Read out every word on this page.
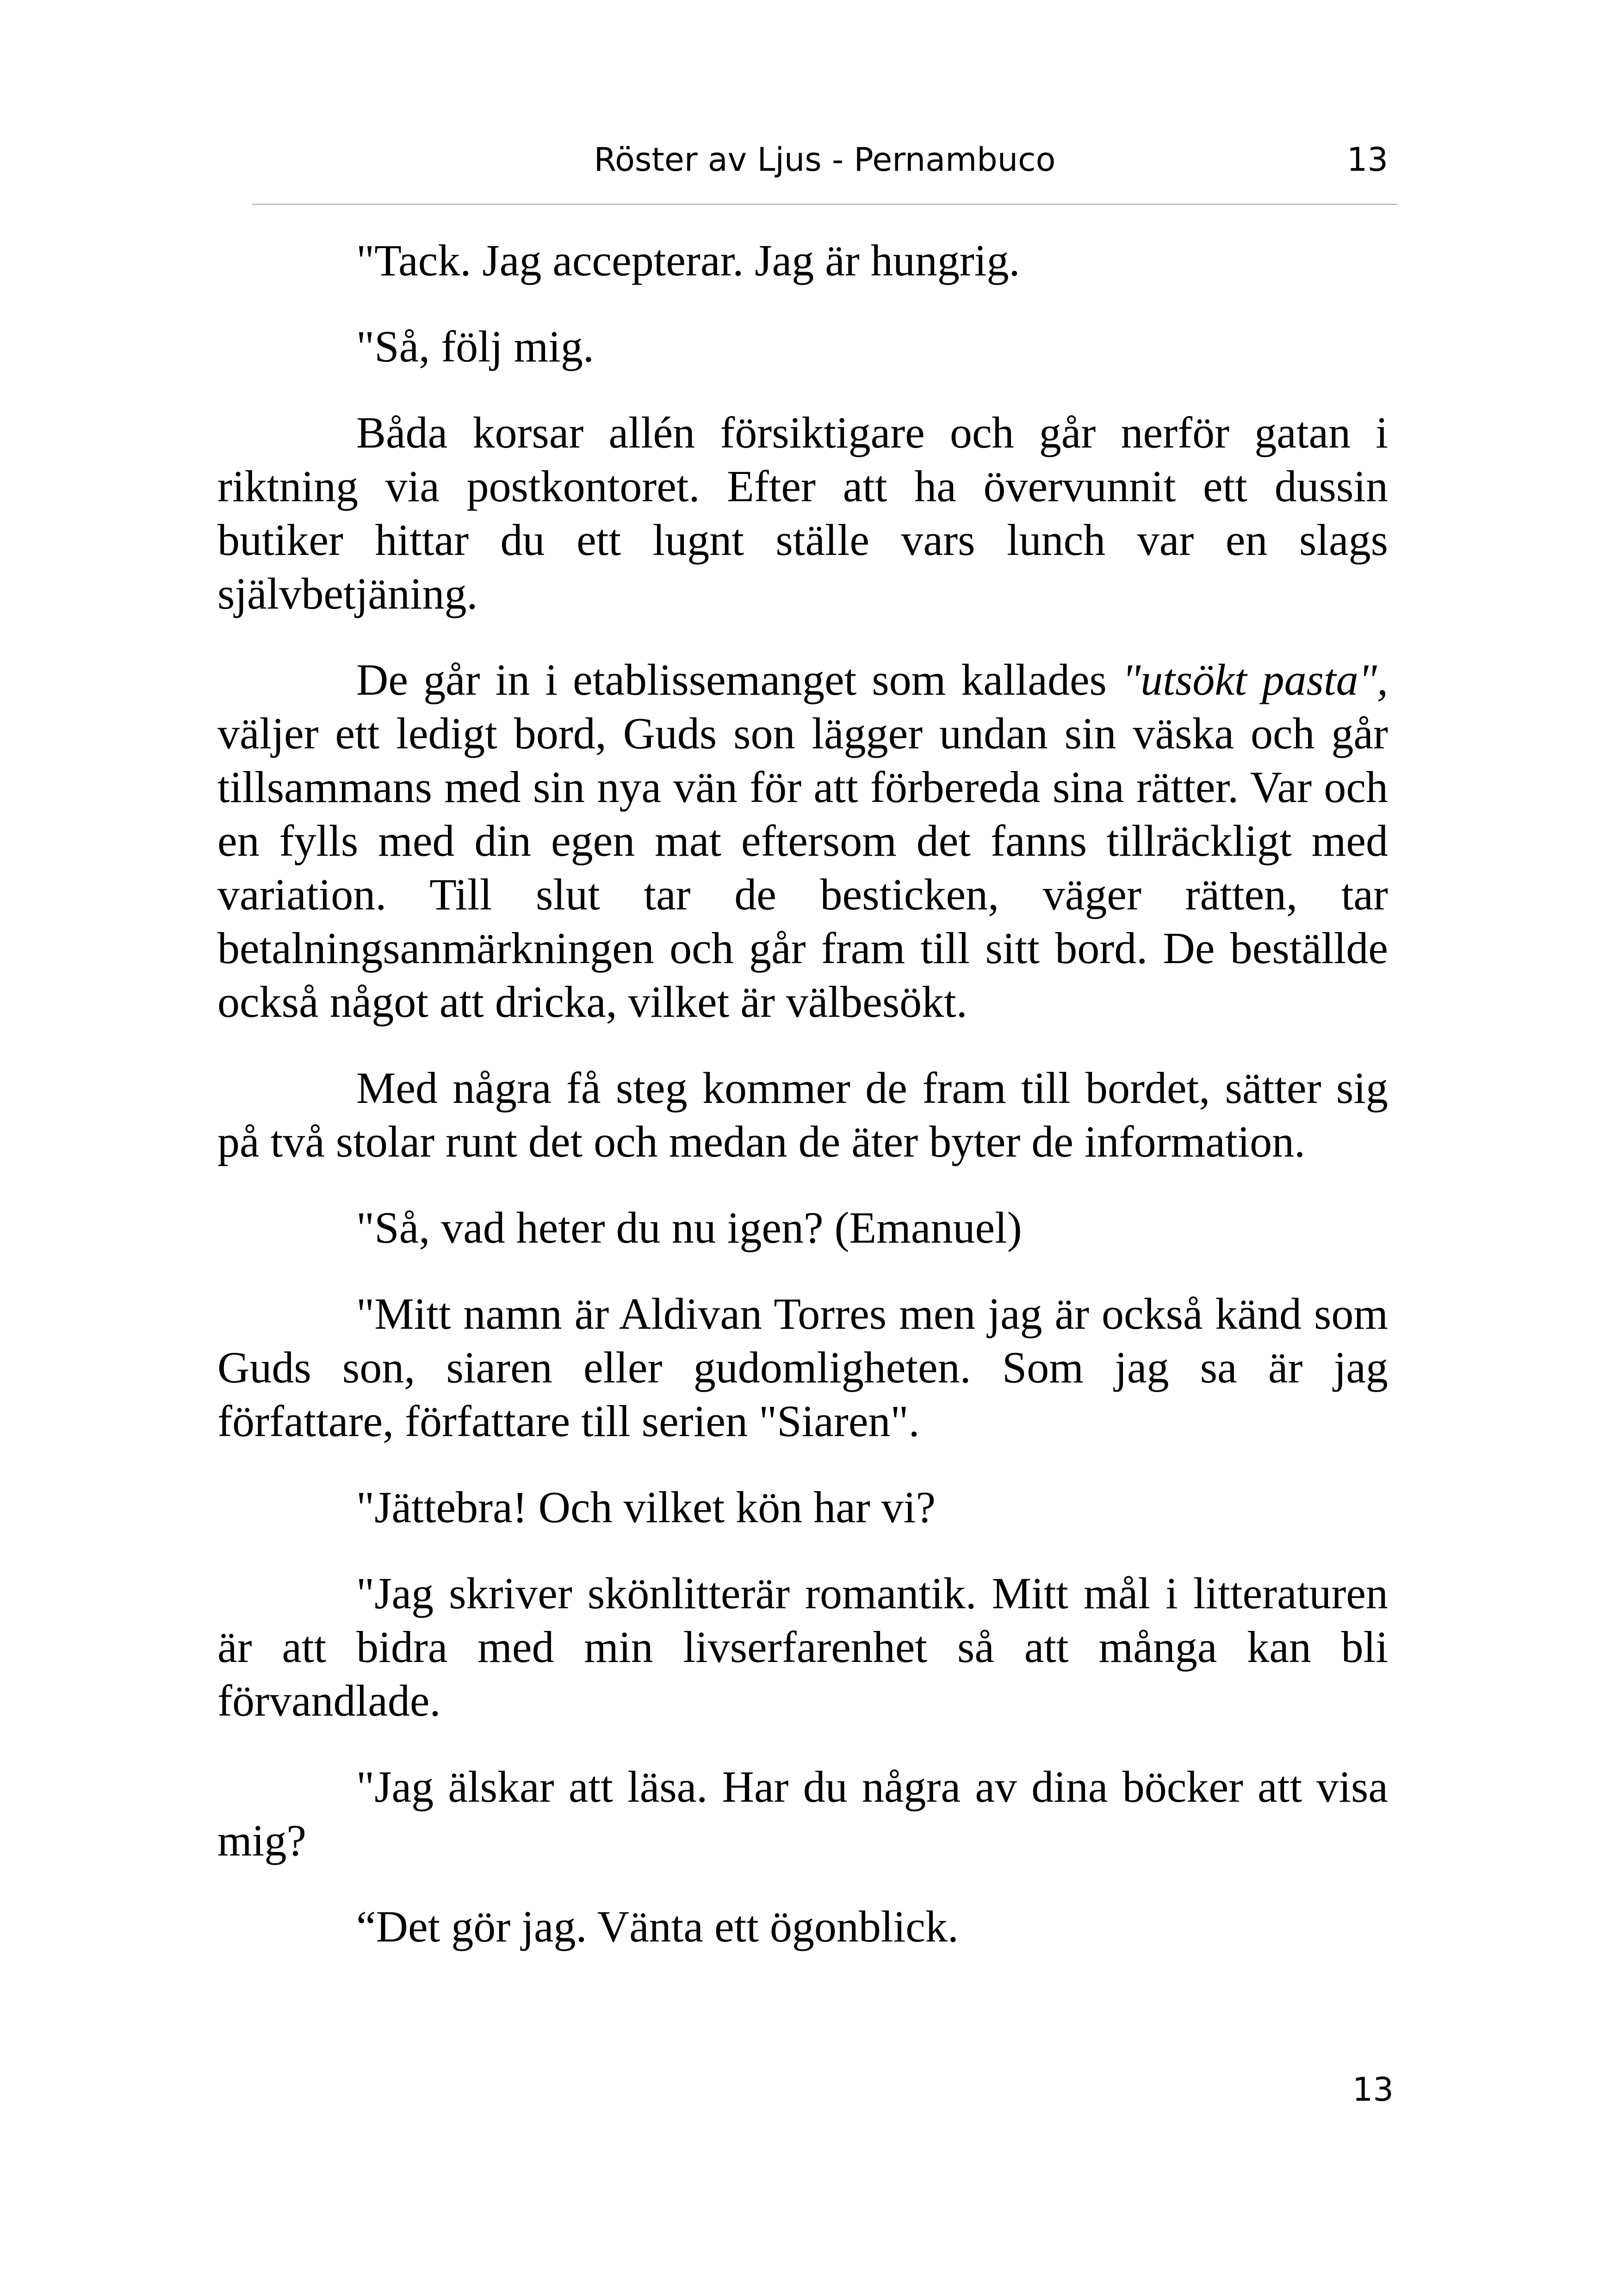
Röster av Ljus - Pernambuco	13

"Tack. Jag accepterar. Jag är hungrig.

"Så, följ mig.

Båda korsar allén försiktigare och går nerför gatan i riktning via postkontoret. Efter att ha övervunnit ett dussin butiker hittar du ett lugnt ställe vars lunch var en slags självbetjäning.

De går in i etablissemanget som kallades "utsökt pasta", väljer ett ledigt bord, Guds son lägger undan sin väska och går tillsammans med sin nya vän för att förbereda sina rätter. Var och en fylls med din egen mat eftersom det fanns tillräckligt med variation. Till slut tar de besticken, väger rätten, tar betalningsanmärkningen och går fram till sitt bord. De beställde också något att dricka, vilket är välbesökt.

Med några få steg kommer de fram till bordet, sätter sig på två stolar runt det och medan de äter byter de information.

"Så, vad heter du nu igen? (Emanuel)

"Mitt namn är Aldivan Torres men jag är också känd som Guds son, siaren eller gudomligheten. Som jag sa är jag författare, författare till serien "Siaren".

"Jättebra! Och vilket kön har vi?

"Jag skriver skönlitterär romantik. Mitt mål i litteraturen är att bidra med min livserfarenhet så att många kan bli förvandlade.

"Jag älskar att läsa. Har du några av dina böcker att visa mig?

“Det gör jag. Vänta ett ögonblick.

13
